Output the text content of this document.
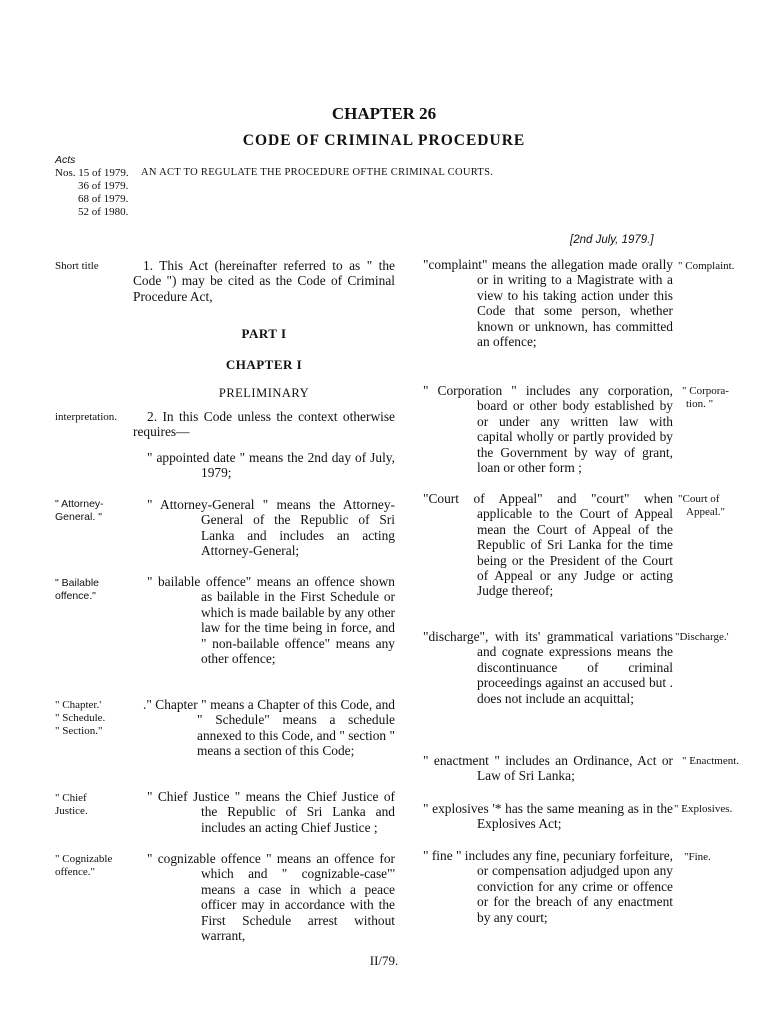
CHAPTER 26
CODE OF CRIMINAL PROCEDURE
Acts
Nos. 15 of 1979.
36 of 1979.
68 of 1979.
52 of 1980.
AN ACT TO REGULATE THE PROCEDURE OFTHE CRIMINAL COURTS.
[2nd July, 1979.]
Short title	1. This Act (hereinafter referred to as " the Code ") may be cited as the Code of Criminal Procedure Act,
PART I
CHAPTER I
PRELIMINARY
interpretation.	2. In this Code unless the context otherwise requires—
" appointed date " means the 2nd day of July, 1979;
" Attorney-
General. "
" Attorney-General " means the Attorney-General of the Republic of Sri Lanka and includes an acting Attorney-General;
" Bailable
offence."
" bailable offence" means an offence shown as bailable in the First Schedule or which is made bailable by any other law for the time being in force, and " non-bailable offence" means any other offence;
" Chapter.'
" Schedule.
" Section."
." Chapter " means a Chapter of this Code, and " Schedule" means a schedule annexed to this Code, and " section " means a section of this Code;
" Chief
Justice.
" Chief Justice " means the Chief Justice of the Republic of Sri Lanka and includes an acting Chief Justice ;
" Cognizable
offence."
" cognizable offence " means an offence for which and " cognizable-case"' means a case in which a peace officer may in accordance with the First Schedule arrest without warrant,
"complaint" means the allegation made orally or in writing to a Magistrate with a view to his taking action under this Code that some person, whether known or unknown, has committed an offence;
" Complaint.
" Corporation " includes any corporation, board or other body established by or under any written law with capital wholly or partly provided by the Government by way of grant, loan or other form ;
" Corpora-
tion. "
"Court of Appeal" and "court" when applicable to the Court of Appeal mean the Court of Appeal of the Republic of Sri Lanka for the time being or the President of the Court of Appeal or any Judge or acting Judge thereof;
"Court of
Appeal."
"discharge", with its' grammatical variations and cognate expressions means the discontinuance of criminal proceedings against an accused but . does not include an acquittal;
"Discharge.'
" enactment " includes an Ordinance, Act or Law of Sri Lanka;
" Enactment.
" explosives '* has the same meaning as in the Explosives Act;
" Explosives.
" fine " includes any fine, pecuniary forfeiture, or compensation adjudged upon any conviction for any crime or offence or for the breach of any enactment by any court;
"Fine.
II/79.
